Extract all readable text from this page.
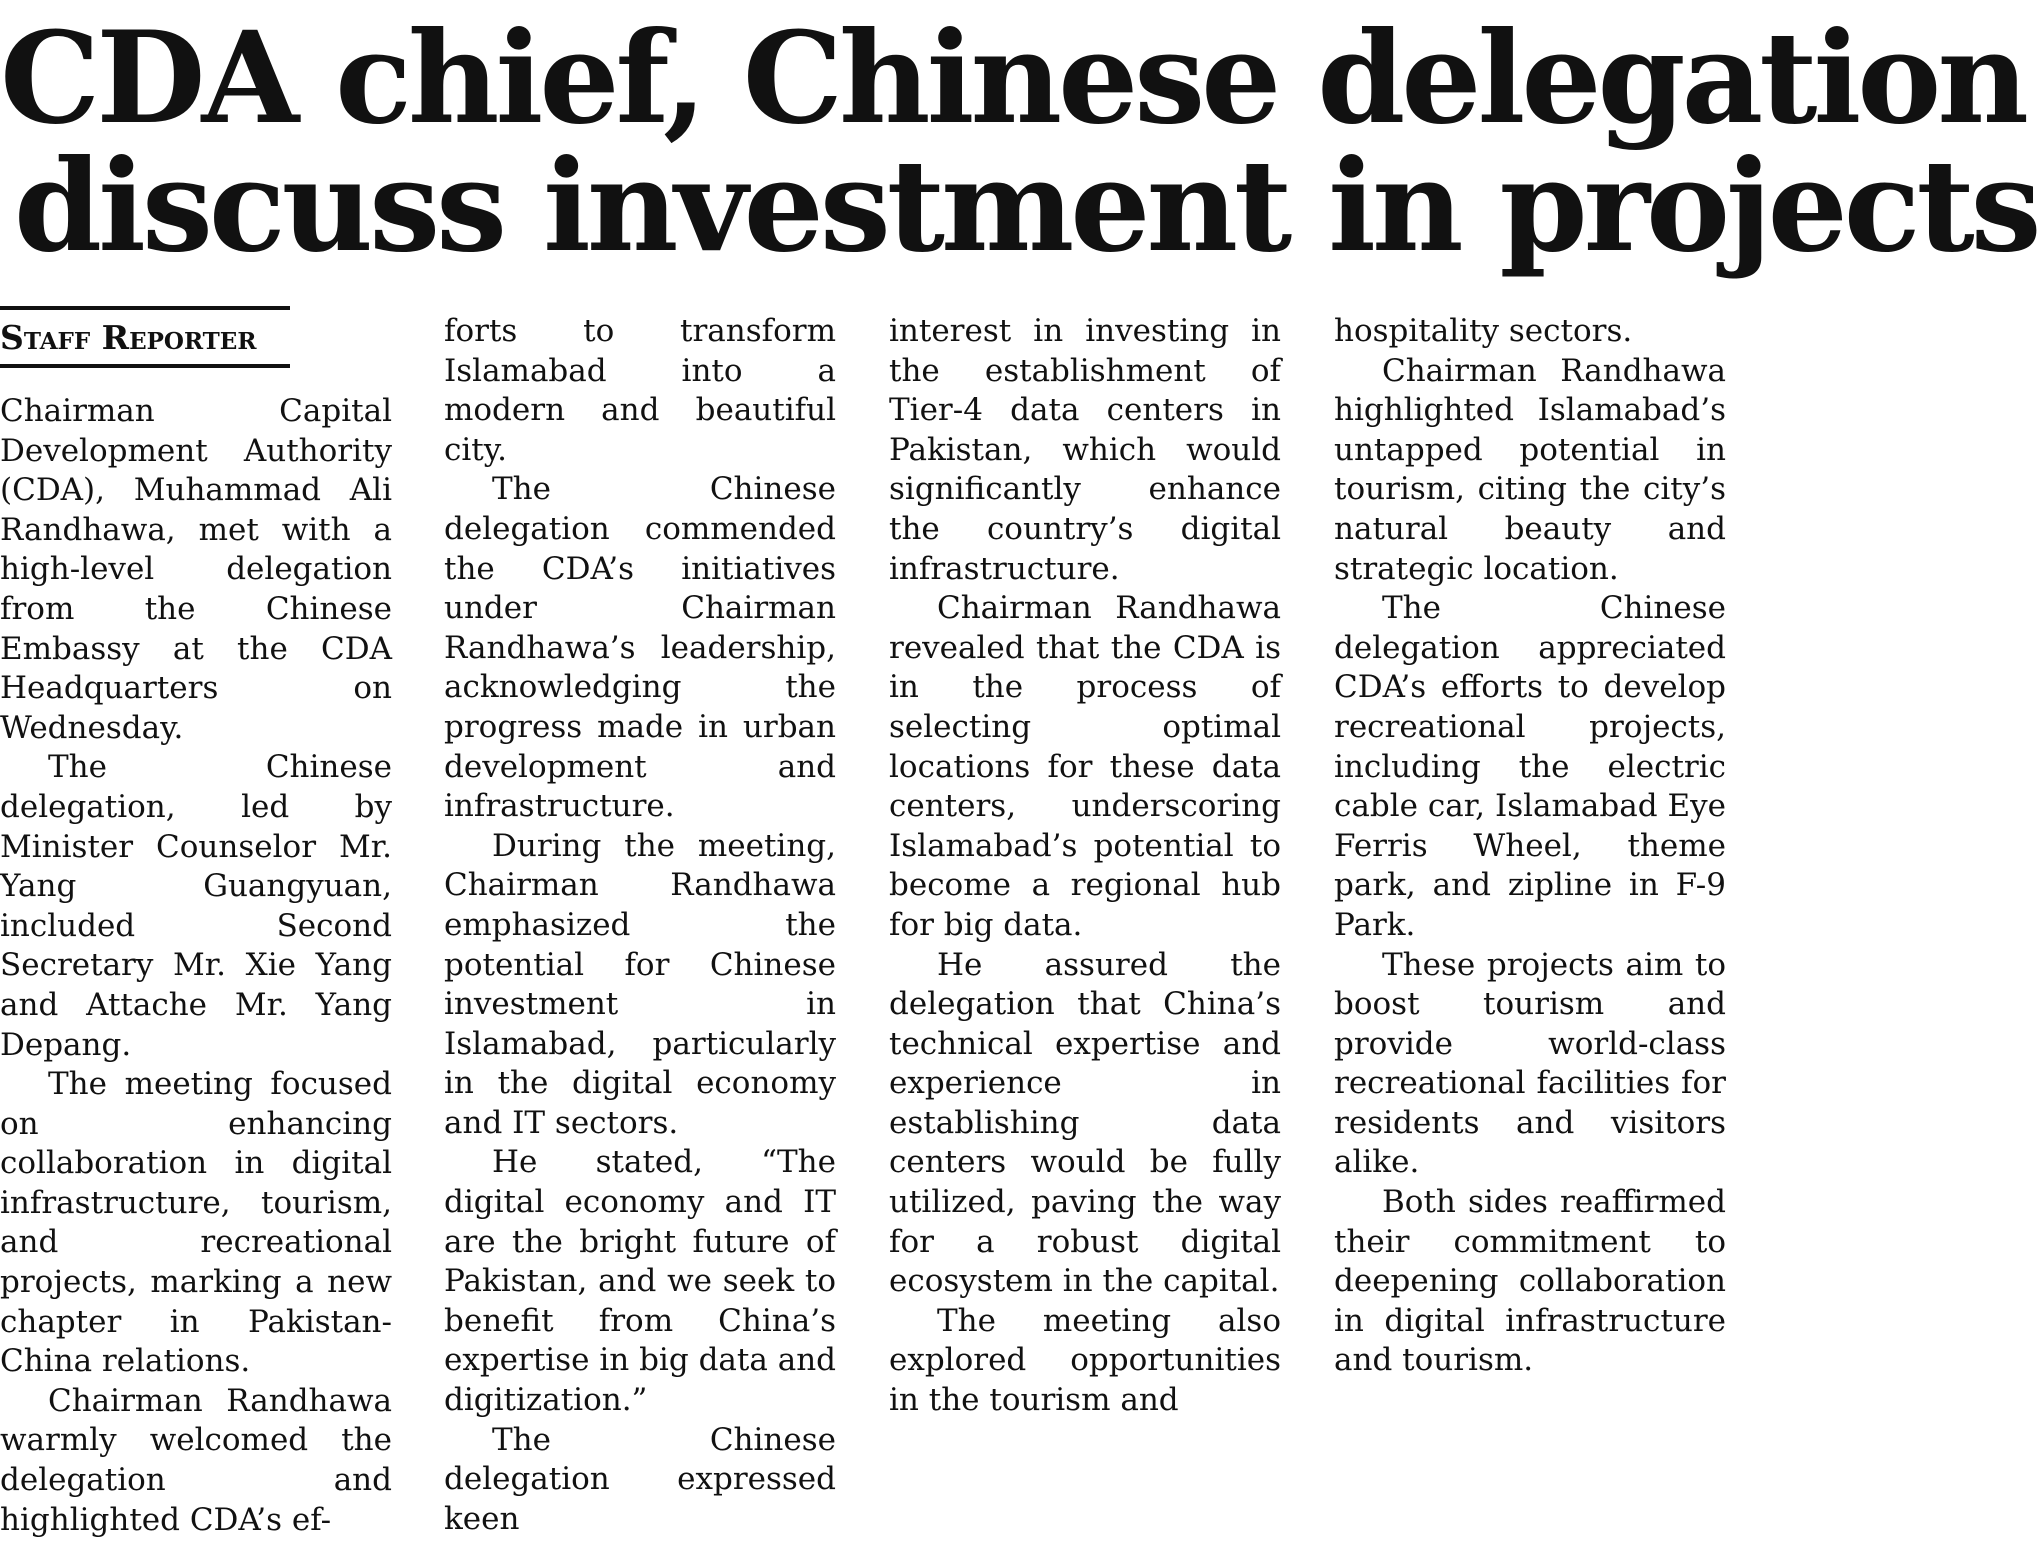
CDA chief, Chinese delegation
discuss investment in projects
Staff Reporter

Chairman Capital Development Authority (CDA), Muhammad Ali Randhawa, met with a high-level delegation from the Chinese Embassy at the CDA Headquarters on Wednesday.

The Chinese delegation, led by Minister Counselor Mr. Yang Guangyuan, included Second Secretary Mr. Xie Yang and Attache Mr. Yang Depang.

The meeting focused on enhancing collaboration in digital infrastructure, tourism, and recreational projects, marking a new chapter in Pakistan-China relations.

Chairman Randhawa warmly welcomed the delegation and highlighted CDA’s ef-

forts to transform Islamabad into a modern and beautiful city.

The Chinese delegation commended the CDA’s initiatives under Chairman Randhawa’s leadership, acknowledging the progress made in urban development and infrastructure.

During the meeting, Chairman Randhawa emphasized the potential for Chinese investment in Islamabad, particularly in the digital economy and IT sectors.

He stated, “The digital economy and IT are the bright future of Pakistan, and we seek to benefit from China’s expertise in big data and digitization.”

The Chinese delegation expressed keen

interest in investing in the establishment of Tier-4 data centers in Pakistan, which would significantly enhance the country’s digital infrastructure.

Chairman Randhawa revealed that the CDA is in the process of selecting optimal locations for these data centers, underscoring Islamabad’s potential to become a regional hub for big data.

He assured the delegation that China’s technical expertise and experience in establishing data centers would be fully utilized, paving the way for a robust digital ecosystem in the capital.

The meeting also explored opportunities in the tourism and

hospitality sectors.

Chairman Randhawa highlighted Islamabad’s untapped potential in tourism, citing the city’s natural beauty and strategic location.

The Chinese delegation appreciated CDA’s efforts to develop recreational projects, including the electric cable car, Islamabad Eye Ferris Wheel, theme park, and zipline in F-9 Park.

These projects aim to boost tourism and provide world-class recreational facilities for residents and visitors alike.

Both sides reaffirmed their commitment to deepening collaboration in digital infrastructure and tourism.
